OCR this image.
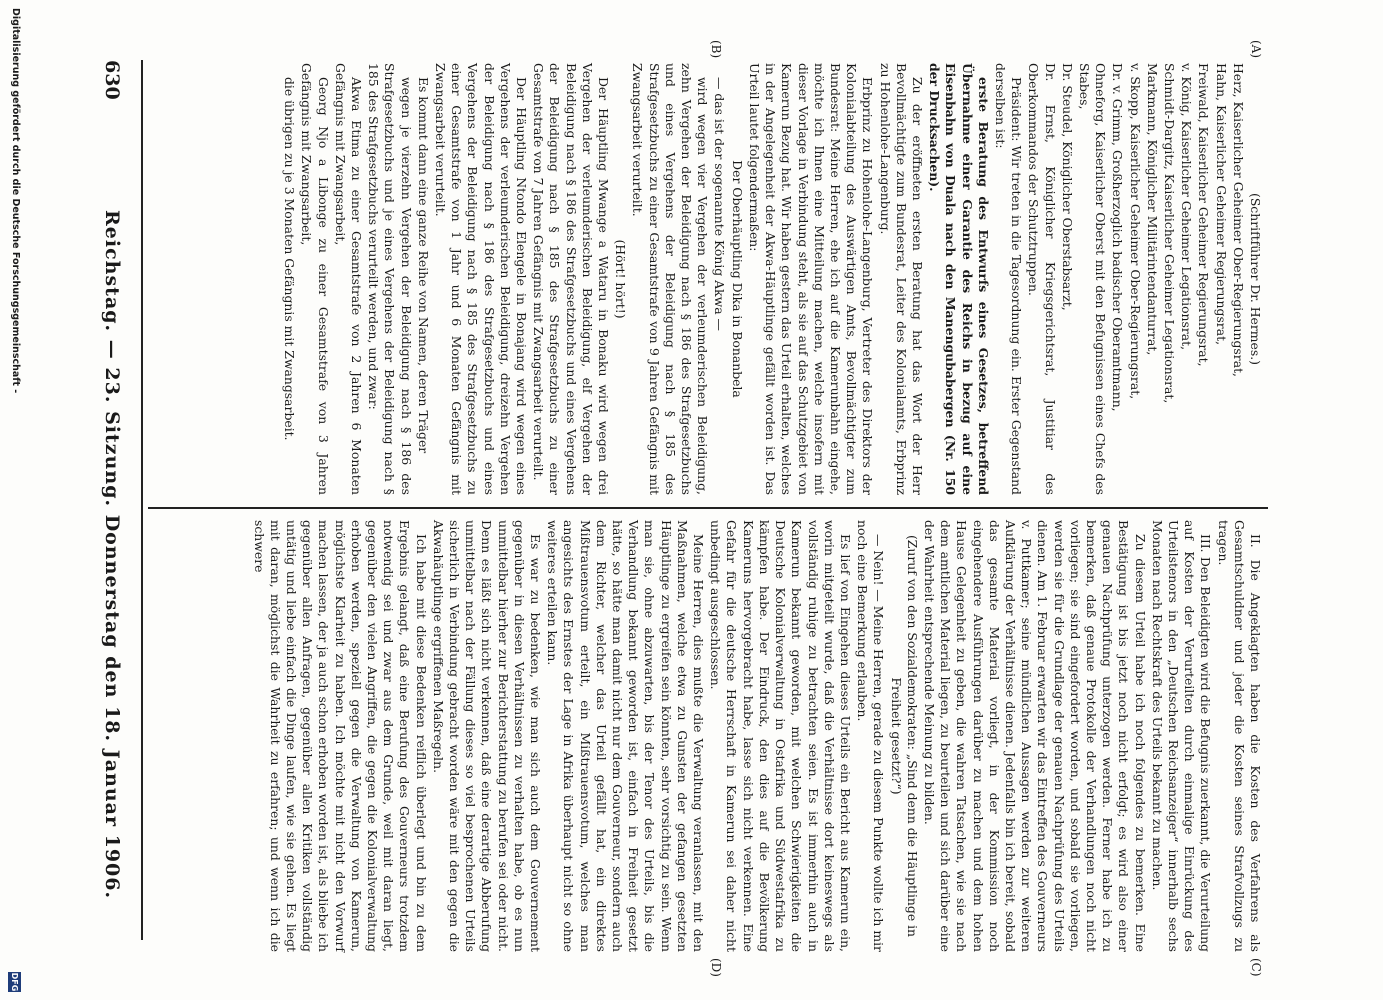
630
Reichstag. — 23. Sitzung. Donnerstag den 18. Januar 1906.
(A)
(B)
(C)
(D)

(Schriftführer Dr. Hermes.)

Herz, Kaiserlicher Geheimer Ober-Regierungsrat,

Hahn, Kaiserlicher Geheimer Regierungsrat,

Freiwald, Kaiserlicher Geheimer Regierungsrat,

v. König, Kaiserlicher Geheimer Legationsrat,

Schmidt-Dargitz, Kaiserlicher Geheimer Legationsrat,

Markmann, Königlicher Militärintendanturrat,

v. Skopp, Kaiserlicher Geheimer Ober-Regierungsrat,

Dr. v. Grimm, Großherzoglich badischer Oberamtmann,

Ohneforg, Kaiserlicher Oberst mit den Befugnissen eines Chefs des Stabes,

Dr. Steudel, Königlicher Oberstabsarzt,

Dr. Ernst, Königlicher Kriegsgerichtsrat, Justitiar des Oberkommandos der Schutztruppen.

Präsident: Wir treten in die Tagesordnung ein. Erster Gegenstand derselben ist:

erste Beratung des Entwurfs eines Gesetzes, betreffend Übernahme einer Garantie des Reichs in bezug auf eine Eisenbahn von Duala nach den Manengubabergen (Nr. 150 der Drucksachen).

Zu der eröffneten ersten Beratung hat das Wort der Herr Bevollmächtigte zum Bundesrat, Leiter des Kolonialamts, Erbprinz zu Hohenlohe-Langenburg.

Erbprinz zu Hohenlohe-Langenburg, Vertreter des Direktors der Kolonialabteilung des Auswärtigen Amts, Bevollmächtigter zum Bundesrat: Meine Herren, ehe ich auf die Kamerunbahn eingehe, möchte ich Ihnen eine Mitteilung machen, welche insofern mit dieser Vorlage in Verbindung steht, als sie auf das Schutzgebiet von Kamerun Bezug hat. Wir haben gestern das Urteil erhalten, welches in der Angelegenheit der Akwa-Häuptlinge gefällt worden ist. Das Urteil lautet folgendermaßen:

Der Oberhäuptling Dika in Bonanbela

— das ist der sogenannte König Akwa —

wird wegen vier Vergehen der verleumderischen Beleidigung, zehn Vergehen der Beleidigung nach § 186 des Strafgesetzbuchs und eines Vergehens der Beleidigung nach § 185 des Strafgesetzbuchs zu einer Gesamtstrafe von 9 Jahren Gefängnis mit Zwangsarbeit verurteilt.

(Hört! hört!)

Der Häuptling Mwange a Wataru in Bonaku wird wegen drei Vergehen der verleumderischen Beleidigung, elf Vergehen der Beleidigung nach § 186 des Strafgesetzbuchs und eines Vergehens der Beleidigung nach § 185 des Strafgesetzbuchs zu einer Gesamtstrafe von 7 Jahren Gefängnis mit Zwangsarbeit verurteilt.

Der Häuptling Ntondo Elengele in Bonajang wird wegen eines Vergehens der verleumderischen Beleidigung, dreizehn Vergehen der Beleidigung nach § 186 des Strafgesetzbuchs und eines Vergehens der Beleidigung nach § 185 des Strafgesetzbuchs zu einer Gesamtstrafe von 1 Jahr und 6 Monaten Gefängnis mit Zwangsarbeit verurteilt.

Es kommt dann eine ganze Reihe von Namen, deren Träger

wegen je vierzehn Vergehen der Beleidigung nach § 186 des Strafgesetzbuchs und je eines Vergehens der Beleidigung nach § 185 des Strafgesetzbuchs verurteilt werden, und zwar:

Akwa Etima zu einer Gesamtstrafe von 2 Jahren 6 Monaten Gefängnis mit Zwangsarbeit,

Georg Njo a Libonge zu einer Gesamtstrafe von 3 Jahren Gefängnis mit Zwangsarbeit,

die übrigen zu je 3 Monaten Gefängnis mit Zwangsarbeit.

II. Die Angeklagten haben die Kosten des Verfahrens als Gesamtschuldner und jeder die Kosten seines Strafvollzugs zu tragen.

III. Den Beleidigten wird die Befugnis zuerkannt, die Verurteilung auf Kosten der Verurteilten durch einmalige Einrückung des Urteilstenors in den „Deutschen Reichsanzeiger“ innerhalb sechs Monaten nach Rechtskraft des Urteils bekannt zu machen.

Zu diesem Urteil habe ich noch folgendes zu bemerken. Eine Bestätigung ist bis jetzt noch nicht erfolgt; es wird also einer genauen Nachprüfung unterzogen werden. Ferner habe ich zu bemerken, daß genaue Protokolle der Verhandlungen noch nicht vorliegen; sie sind eingefordert worden, und sobald sie vorliegen, werden sie für die Grundlage der genauen Nachprüfung des Urteils dienen. Am 1. Februar erwarten wir das Eintreffen des Gouverneurs v. Puttkamer; seine mündlichen Aussagen werden zur weiteren Aufklärung der Verhältnisse dienen. Jedenfalls bin ich bereit, sobald das gesamte Material vorliegt, in der Kommission noch eingehendere Ausführungen darüber zu machen und dem hohen Hause Gelegenheit zu geben, die wahren Tatsachen, wie sie nach dem amtlichen Material liegen, zu beurteilen und sich darüber eine der Wahrheit entsprechende Meinung zu bilden.

(Zuruf von den Sozialdemokraten: „Sind denn die Häuptlinge in Freiheit gesetzt?“)

— Nein! — Meine Herren, gerade zu diesem Punkte wollte ich mir noch eine Bemerkung erlauben.

Es lief von Eingehen dieses Urteils ein Bericht aus Kamerun ein, worin mitgeteilt wurde, daß die Verhältnisse dort keineswegs als vollständig ruhige zu betrachten seien. Es ist immerhin auch in Kamerun bekannt geworden, mit welchen Schwierigkeiten die Deutsche Kolonialverwaltung in Ostafrika und Südwestafrika zu kämpfen habe. Der Eindruck, den dies auf die Bevölkerung Kameruns hervorgebracht habe, lasse sich nicht verkennen. Eine Gefahr für die deutsche Herrschaft in Kamerun sei daher nicht unbedingt ausgeschlossen.

Meine Herren, dies mußte die Verwaltung veranlassen, mit den Maßnahmen, welche etwa zu Gunsten der gefangen gesetzten Häuptlinge zu ergreifen sein könnten, sehr vorsichtig zu sein. Wenn man sie, ohne abzuwarten, bis der Tenor des Urteils, bis die Verhandlung bekannt geworden ist, einfach in Freiheit gesetzt hätte, so hätte man damit nicht nur dem Gouverneur, sondern auch dem Richter, welcher das Urteil gefällt hat, ein direktes Mißtrauensvotum erteilt, ein Mißtrauensvotum, welches man angesichts des Ernstes der Lage in Afrika überhaupt nicht so ohne weiteres erteilen kann.

Es war zu bedenken, wie man sich auch dem Gouvernement gegenüber in diesen Verhältnissen zu verhalten habe, ob es nun unmittelbar hierher zur Berichterstattung zu berufen sei oder nicht. Denn es läßt sich nicht verkennen, daß eine derartige Abberufung unmittelbar nach der Fällung dieses so viel besprochenen Urteils sicherlich in Verbindung gebracht worden wäre mit den gegen die Akwahäuptlinge ergriffenen Maßregeln.

Ich habe mit diese Bedenken reiflich überlegt und bin zu dem Ergebnis gelangt, daß eine Berufung des Gouverneurs trotzdem notwendig sei und zwar aus dem Grunde, weil mit daran liegt, gegenüber den vielen Angriffen, die gegen die Kolonialverwaltung erhoben werden, speziell gegen die Verwaltung von Kamerun, möglichste Klarheit zu haben. Ich möchte mit nicht den Vorwurf machen lassen, der ja auch schon erhoben worden ist, als bliebe ich gegenüber allen Anfragen, gegenüber allen Kritiken vollständig untätig und liebe einfach die Dinge laufen, wie sie gehen. Es liegt mit daran, möglichst die Wahrheit zu erfahren; und wenn ich die schwere

Digitalisierung gefördert durch die Deutsche Forschungsgemeinschaft -
DFG
